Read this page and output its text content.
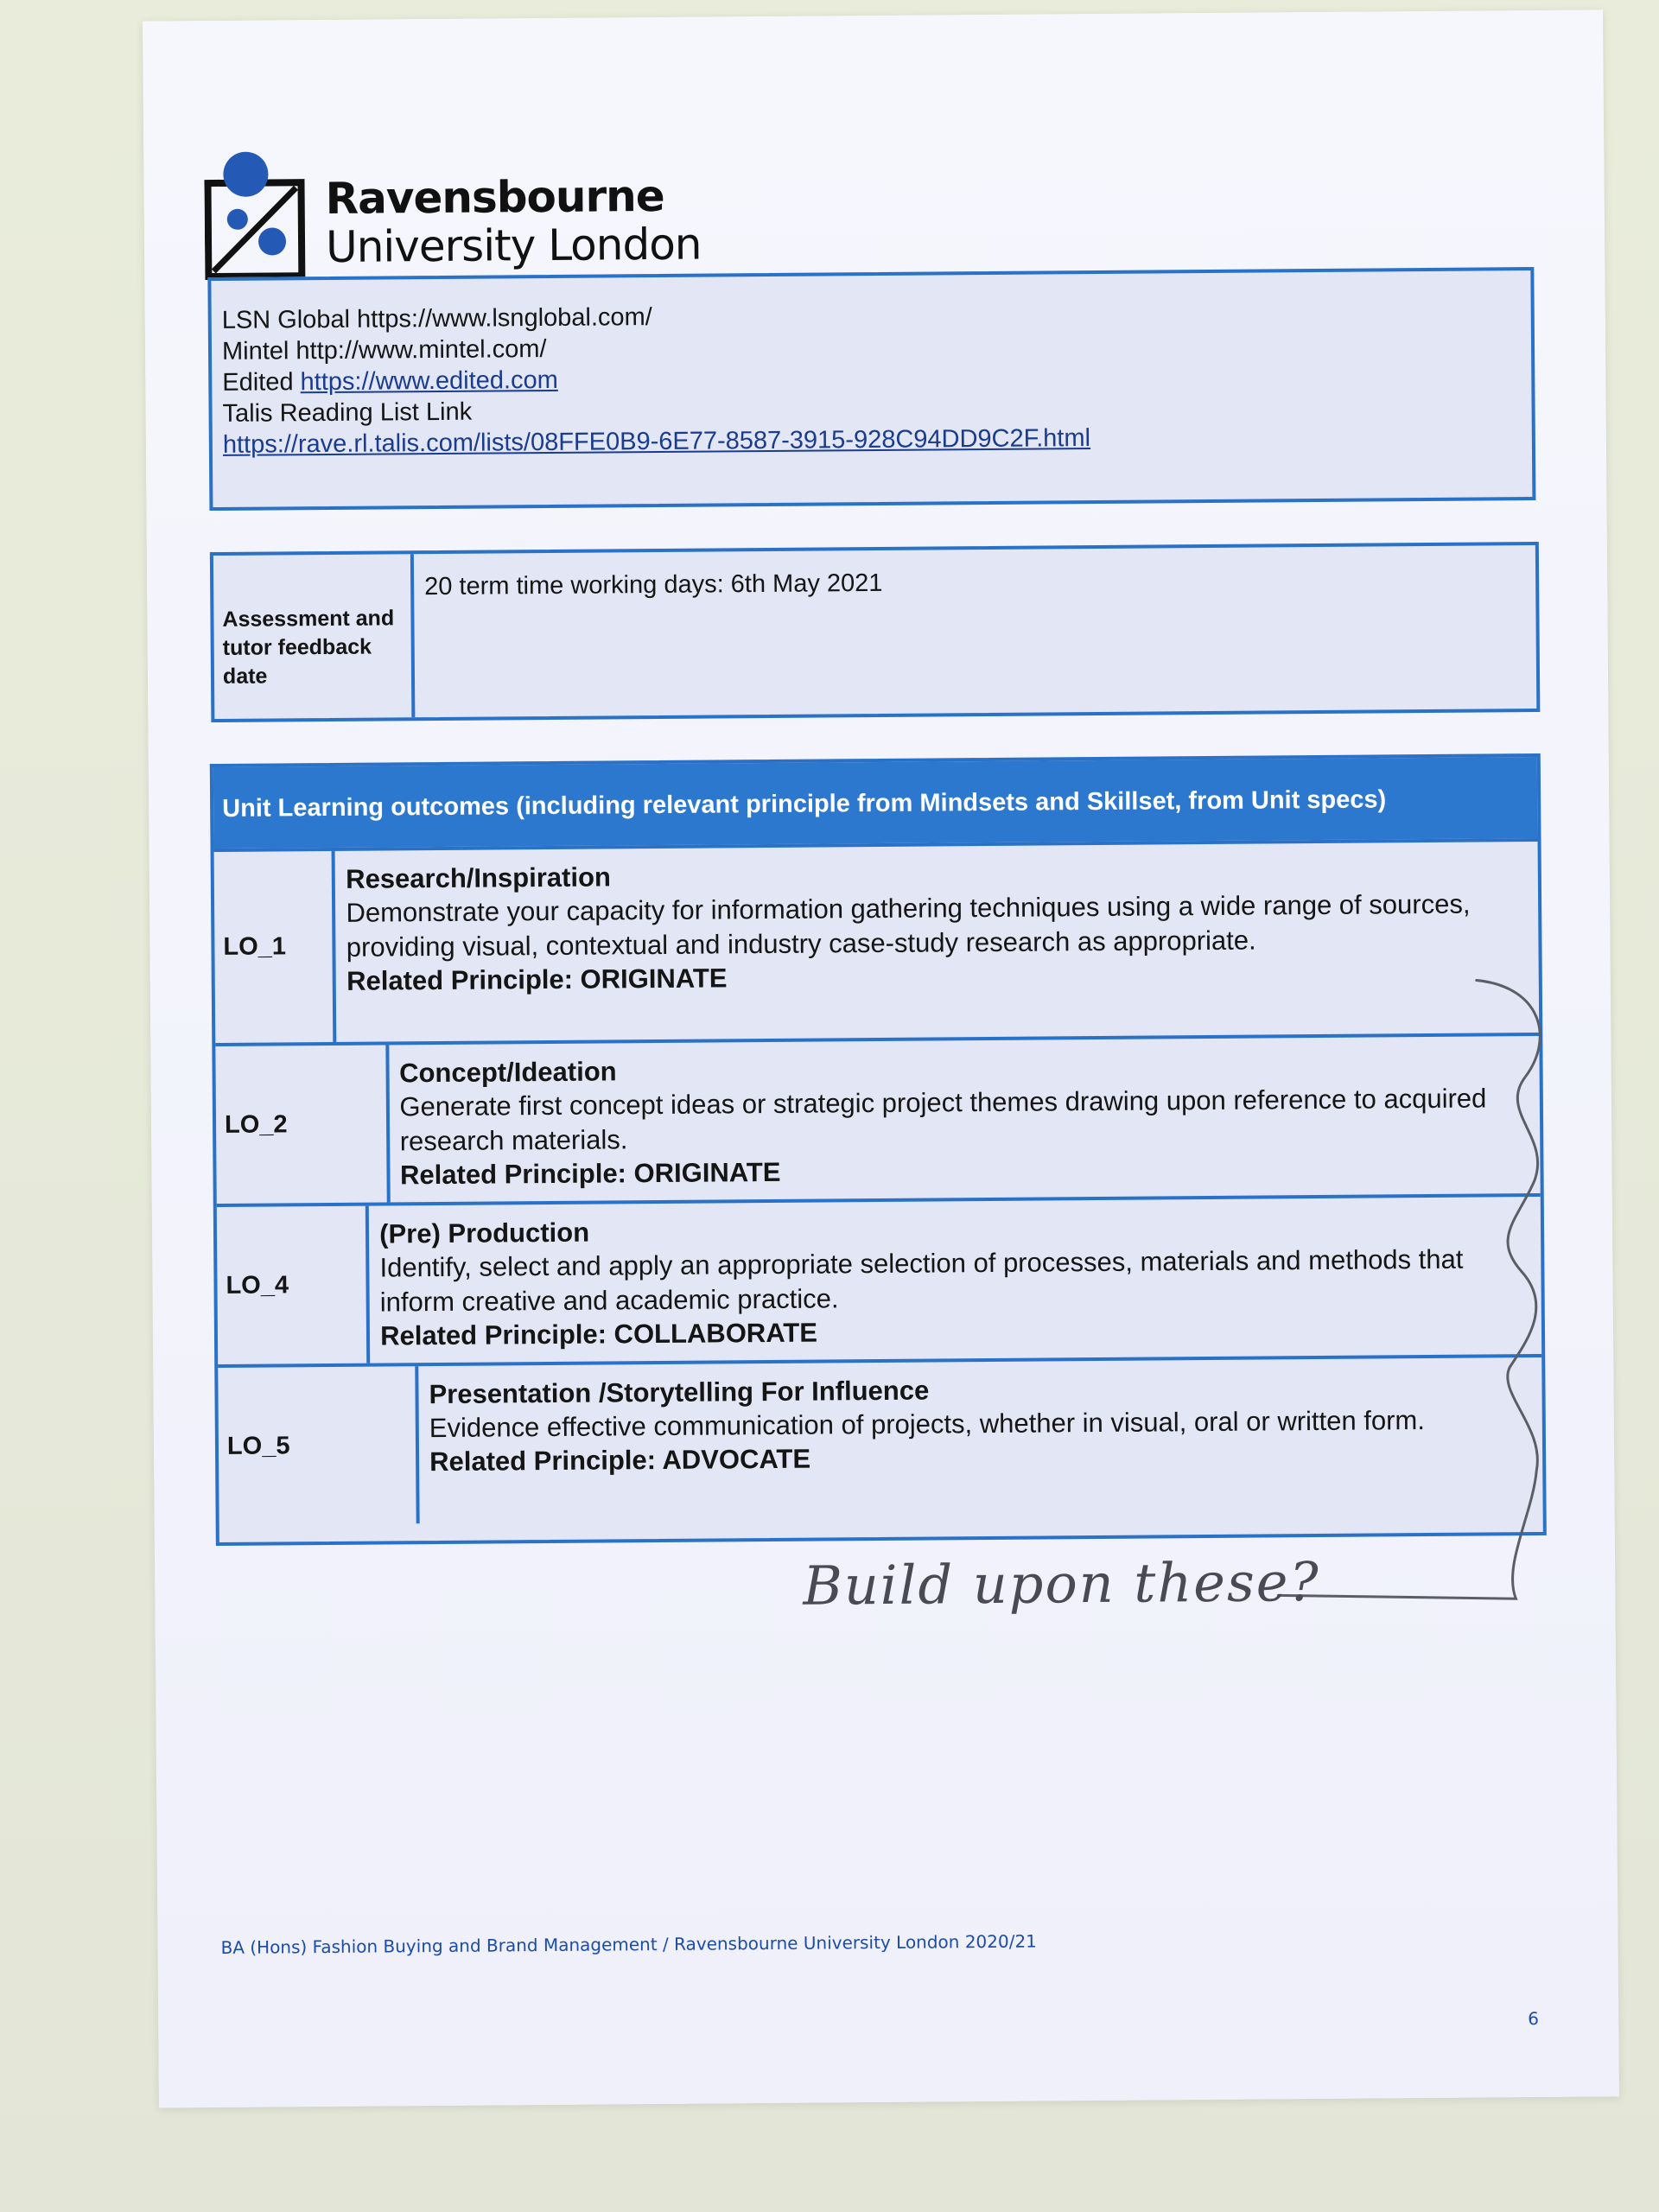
Ravensbourne
University London
LSN Global https://www.lsnglobal.com/
Mintel http://www.mintel.com/
Edited https://www.edited.com
Talis Reading List Link
https://rave.rl.talis.com/lists/08FFE0B9-6E77-8587-3915-928C94DD9C2F.html
Assessment and tutor feedback date
20 term time working days: 6th May 2021
Unit Learning outcomes (including relevant principle from Mindsets and Skillset, from Unit specs)
LO_1
Research/Inspiration
Demonstrate your capacity for information gathering techniques using a wide range of sources, providing visual, contextual and industry case-study research as appropriate.
Related Principle: ORIGINATE
LO_2
Concept/Ideation
Generate first concept ideas or strategic project themes drawing upon reference to acquired research materials.
Related Principle: ORIGINATE
LO_4
(Pre) Production
Identify, select and apply an appropriate selection of processes, materials and methods that inform creative and academic practice.
Related Principle: COLLABORATE
LO_5
Presentation /Storytelling For Influence
Evidence effective communication of projects, whether in visual, oral or written form.
Related Principle: ADVOCATE
Build upon these?
BA (Hons) Fashion Buying and Brand Management / Ravensbourne University London 2020/21
6
